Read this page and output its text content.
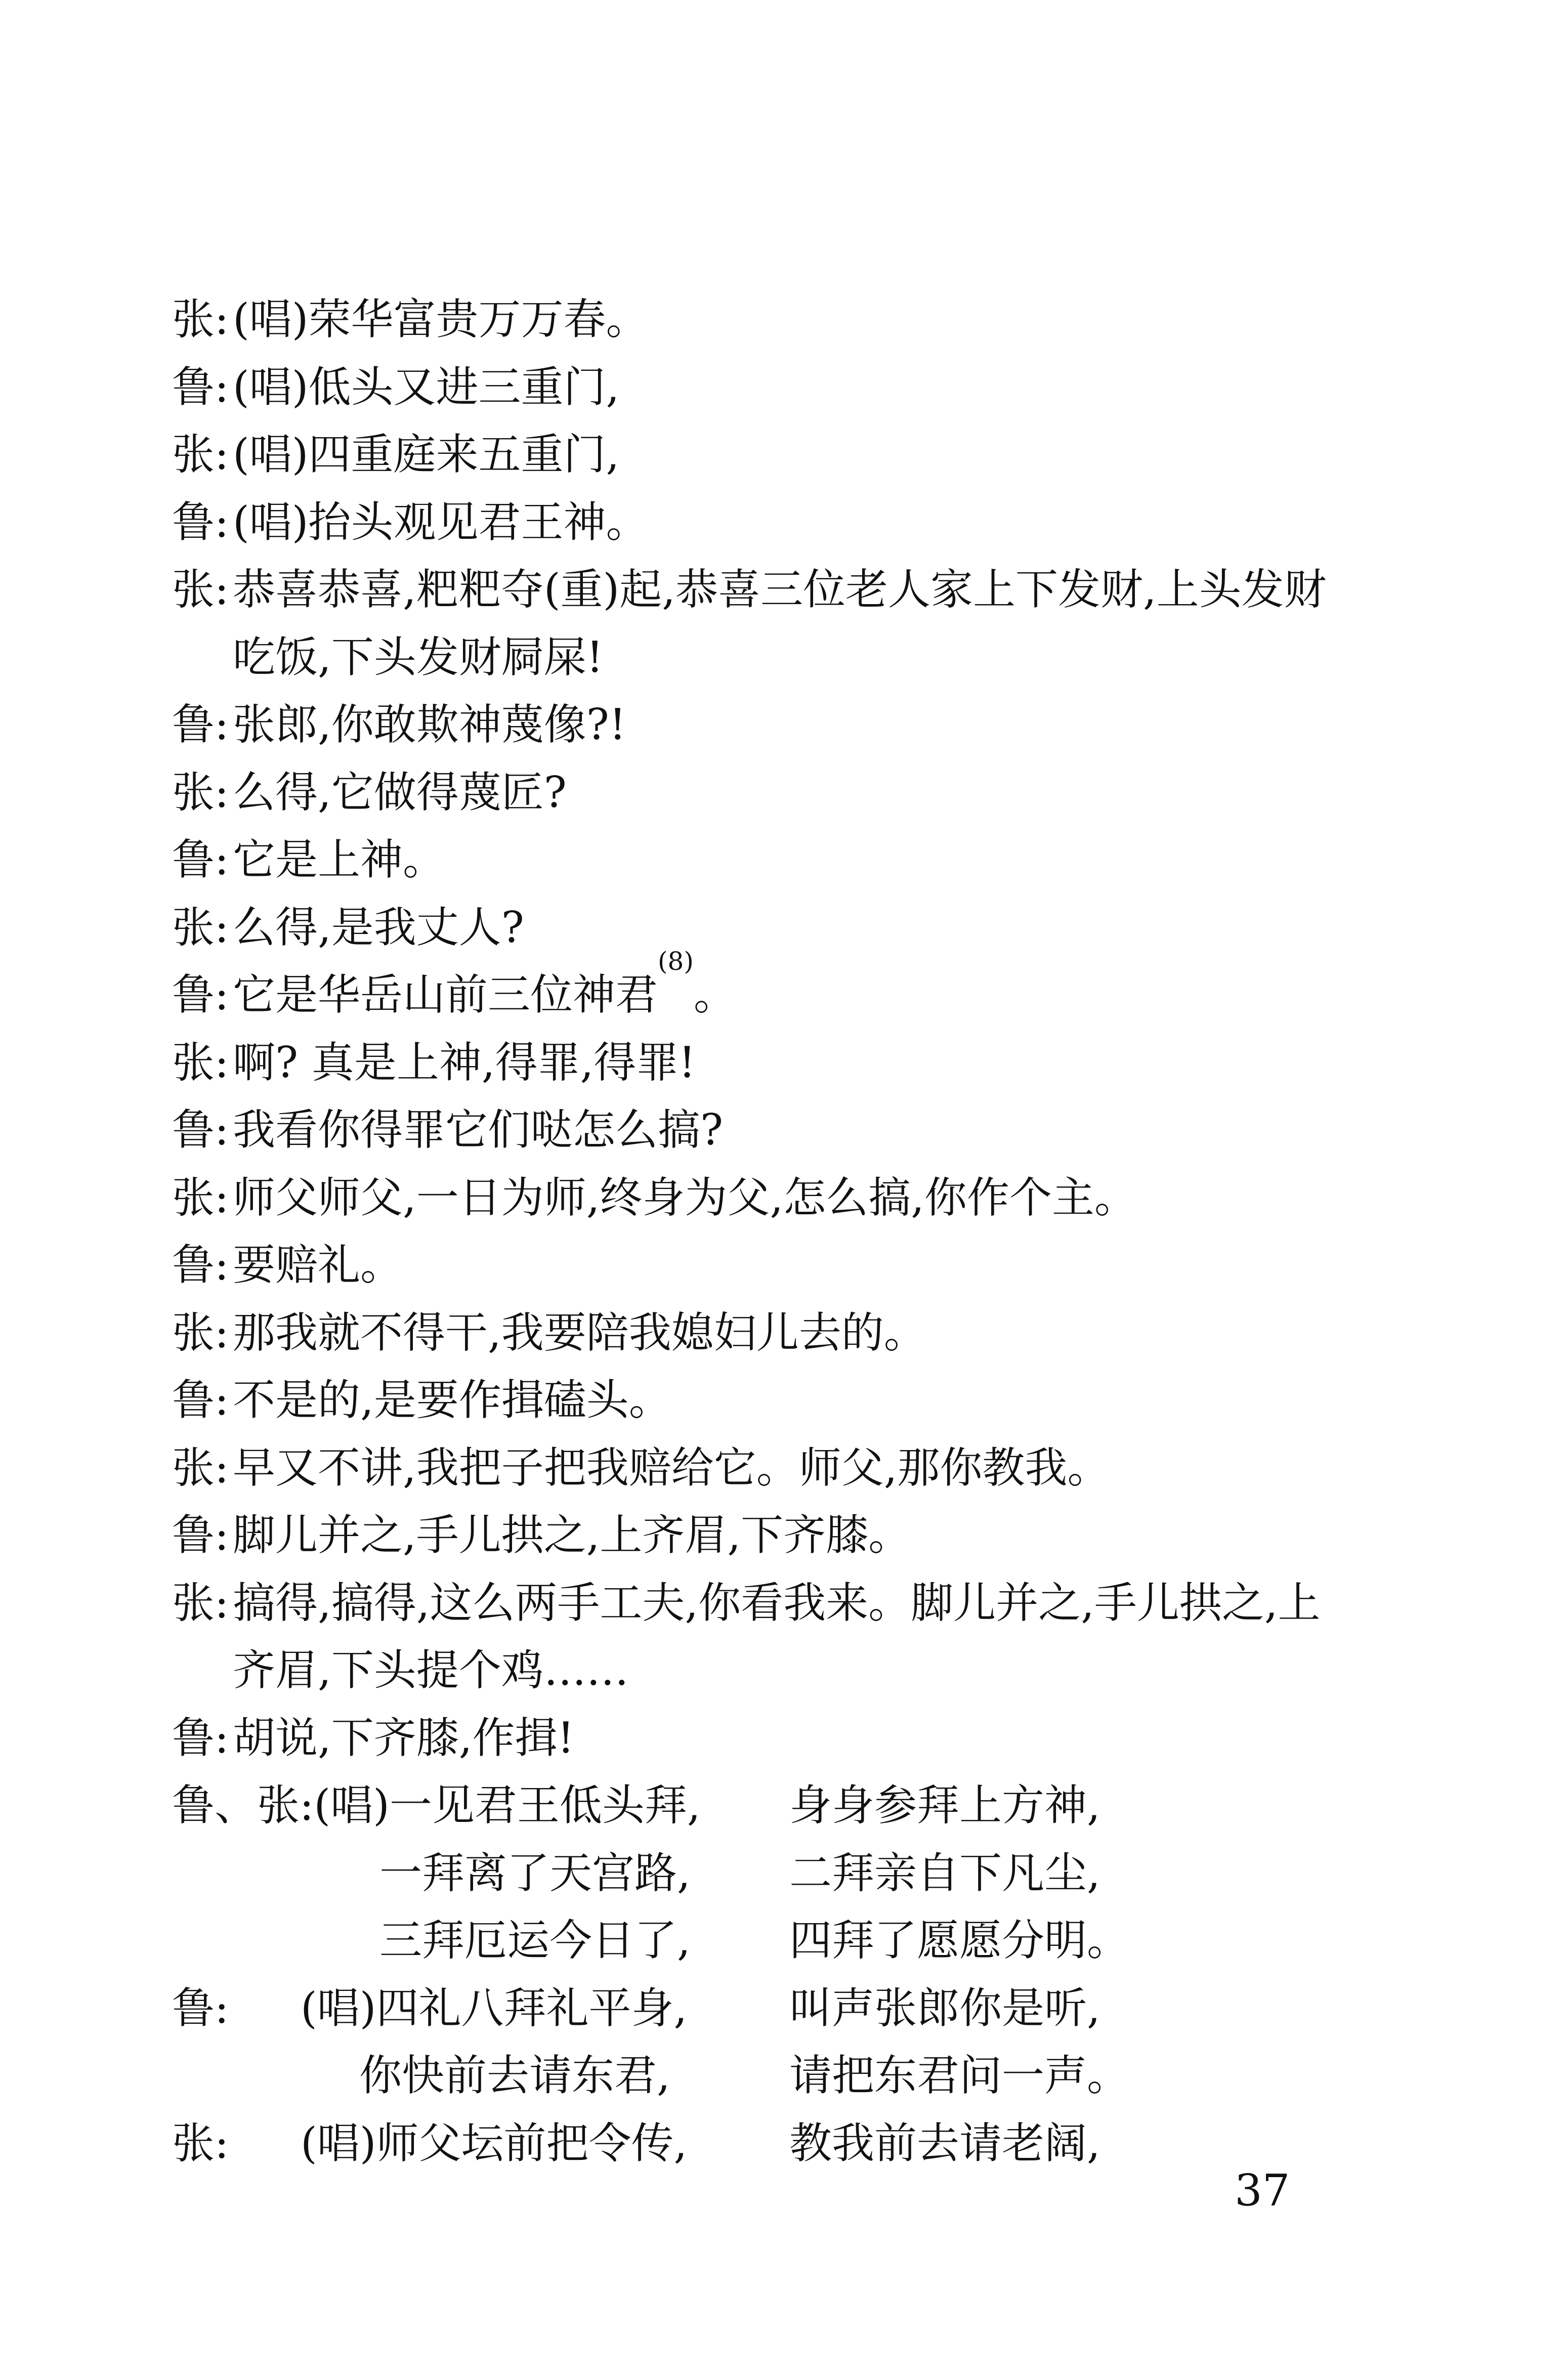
张 : (唱)荣华富贵万万春。
鲁 : (唱)低头又进三重门,
张 : (唱)四重庭来五重门,
鲁 : (唱)抬头观见君王神。
张 : 恭喜恭喜,粑粑夺(重)起,恭喜三位老人家上下发财,上头发财
吃饭,下头发财屙屎!
鲁 : 张郎,你敢欺神蔑像?!
张 : 么得,它做得蔑匠?
鲁 : 它是上神。
张 : 么得,是我丈人?
鲁 : 它是华岳山前三位神君
(8)
。
张 : 啊? 真是上神,得罪,得罪!
鲁 : 我看你得罪它们哒怎么搞?
张 : 师父师父,一日为师,终身为父,怎么搞,你作个主。
鲁 : 要赔礼。
张 : 那我就不得干,我要陪我媳妇儿去的。
鲁 : 不是的,是要作揖磕头。
张 : 早又不讲,我把子把我赔给它。师父,那你教我。
鲁 : 脚儿并之,手儿拱之,上齐眉,下齐膝。
张 : 搞得,搞得,这么两手工夫,你看我来。脚儿并之,手儿拱之,上
齐眉,下头提个鸡……
鲁 : 胡说,下齐膝,作揖!
鲁、张:(唱)一见君王低头拜,	身身参拜上方神,
一拜离了天宫路,	二拜亲自下凡尘,
三拜厄运今日了,	四拜了愿愿分明。
鲁: (唱)四礼八拜礼平身,	叫声张郎你是听,
你快前去请东君,	请把东君问一声。
张: (唱)师父坛前把令传,	教我前去请老阔,
37
